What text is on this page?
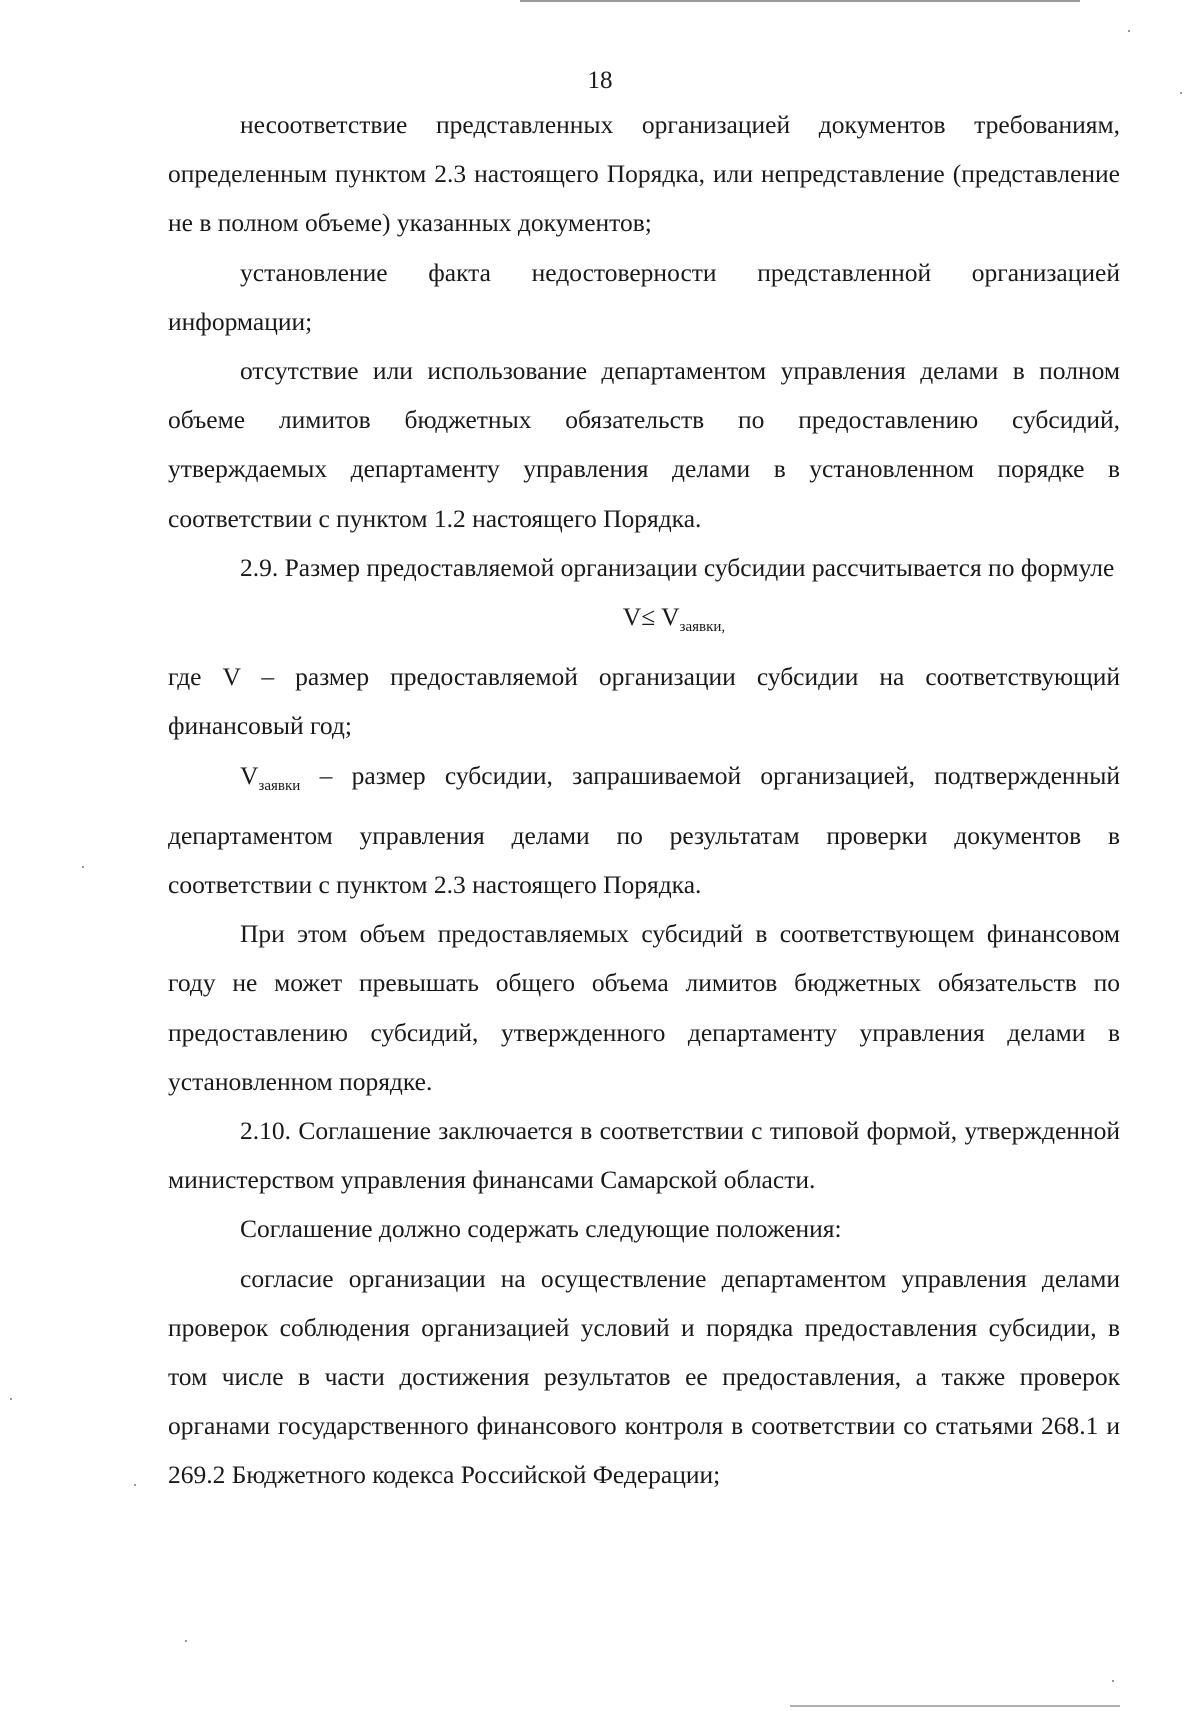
18

несоответствие представленных организацией документов требованиям, определенным пунктом 2.3 настоящего Порядка, или непредставление (представление не в полном объеме) указанных документов;

установление факта недостоверности представленной организацией информации;

отсутствие или использование департаментом управления делами в полном объеме лимитов бюджетных обязательств по предоставлению субсидий, утверждаемых департаменту управления делами в установленном порядке в соответствии с пунктом 1.2 настоящего Порядка.

2.9. Размер предоставляемой организации субсидии рассчитывается по формуле

$V\le V_{заявки,}$

где V – размер предоставляемой организации субсидии на соответствующий финансовый год;

$V_{заявки}$ – размер субсидии, запрашиваемой организацией, подтвержденный департаментом управления делами по результатам проверки документов в соответствии с пунктом 2.3 настоящего Порядка.

При этом объем предоставляемых субсидий в соответствующем финансовом году не может превышать общего объема лимитов бюджетных обязательств по предоставлению субсидий, утвержденного департаменту управления делами в установленном порядке.

2.10. Соглашение заключается в соответствии с типовой формой, утвержденной министерством управления финансами Самарской области.

Соглашение должно содержать следующие положения:

согласие организации на осуществление департаментом управления делами проверок соблюдения организацией условий и порядка предоставления субсидии, в том числе в части достижения результатов ее предоставления, а также проверок органами государственного финансового контроля в соответствии со статьями 268.1 и 269.2 Бюджетного кодекса Российской Федерации;
